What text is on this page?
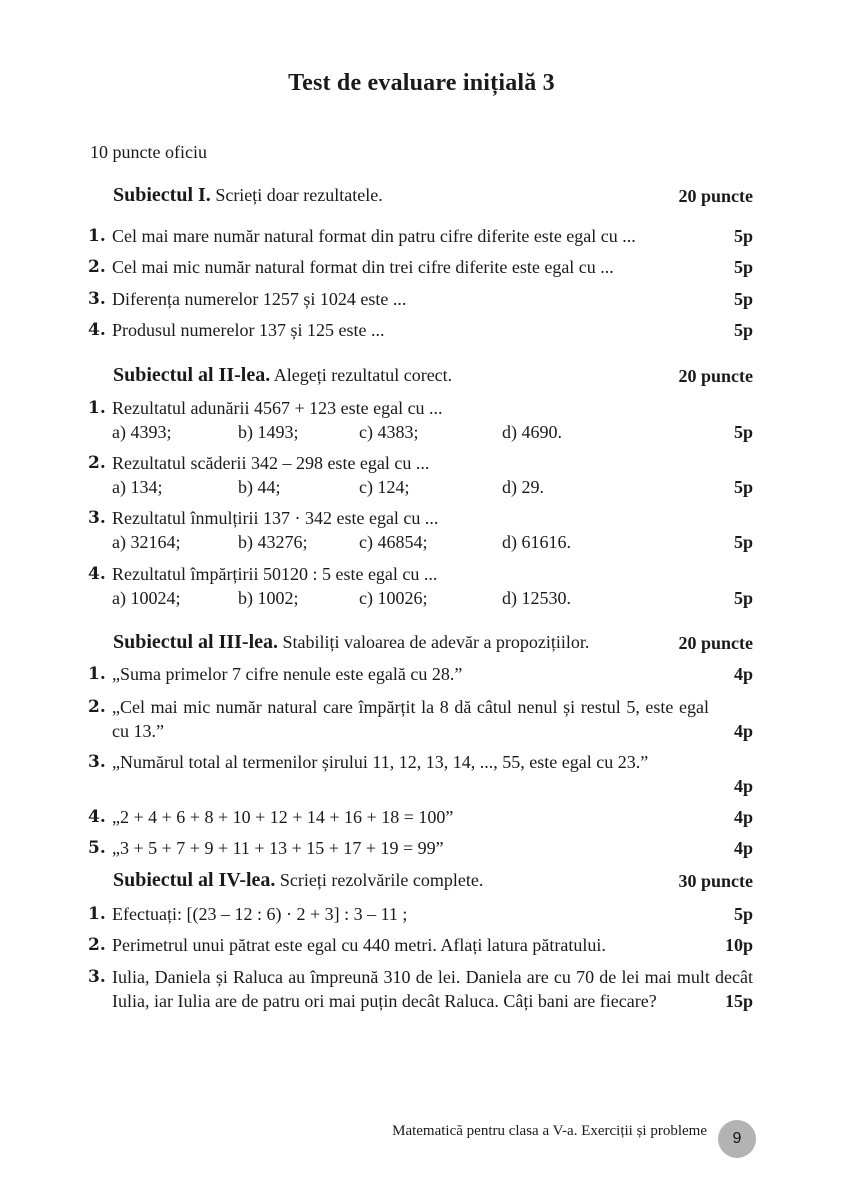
Test de evaluare inițială 3
10 puncte oficiu
Subiectul I. Scrieți doar rezultatele.	20 puncte
1. Cel mai mare număr natural format din patru cifre diferite este egal cu ...	5p
2. Cel mai mic număr natural format din trei cifre diferite este egal cu ...	5p
3. Diferența numerelor 1257 și 1024 este ...	5p
4. Produsul numerelor 137 și 125 este ...	5p
Subiectul al II-lea. Alegeți rezultatul corect.	20 puncte
1. Rezultatul adunării 4567 + 123 este egal cu ...
a) 4393;	b) 1493;	c) 4383;	d) 4690.	5p
2. Rezultatul scăderii 342 – 298 este egal cu ...
a) 134;	b) 44;	c) 124;	d) 29.	5p
3. Rezultatul înmulțirii 137 · 342 este egal cu ...
a) 32164;	b) 43276;	c) 46854;	d) 61616.	5p
4. Rezultatul împărțirii 50120 : 5 este egal cu ...
a) 10024;	b) 1002;	c) 10026;	d) 12530.	5p
Subiectul al III-lea. Stabiliți valoarea de adevăr a propozițiilor.	20 puncte
1. „Suma primelor 7 cifre nenule este egală cu 28.”	4p
2. „Cel mai mic număr natural care împărțit la 8 dă câtul nenul și restul 5, este egal cu 13.”	4p
3. „Numărul total al termenilor șirului 11, 12, 13, 14, ..., 55, este egal cu 23.”
4p
4. „2 + 4 + 6 + 8 + 10 + 12 + 14 + 16 + 18 = 100”	4p
5. „3 + 5 + 7 + 9 + 11 + 13 + 15 + 17 + 19 = 99”	4p
Subiectul al IV-lea. Scrieți rezolvările complete.	30 puncte
1. Efectuați: [(23 – 12 : 6) · 2 + 3] : 3 – 11 ;	5p
2. Perimetrul unui pătrat este egal cu 440 metri. Aflați latura pătratului.	10p
3. Iulia, Daniela și Raluca au împreună 310 de lei. Daniela are cu 70 de lei mai mult decât Iulia, iar Iulia are de patru ori mai puțin decât Raluca. Câți bani are fiecare?	15p
Matematică pentru clasa a V-a. Exerciții și probleme	9
